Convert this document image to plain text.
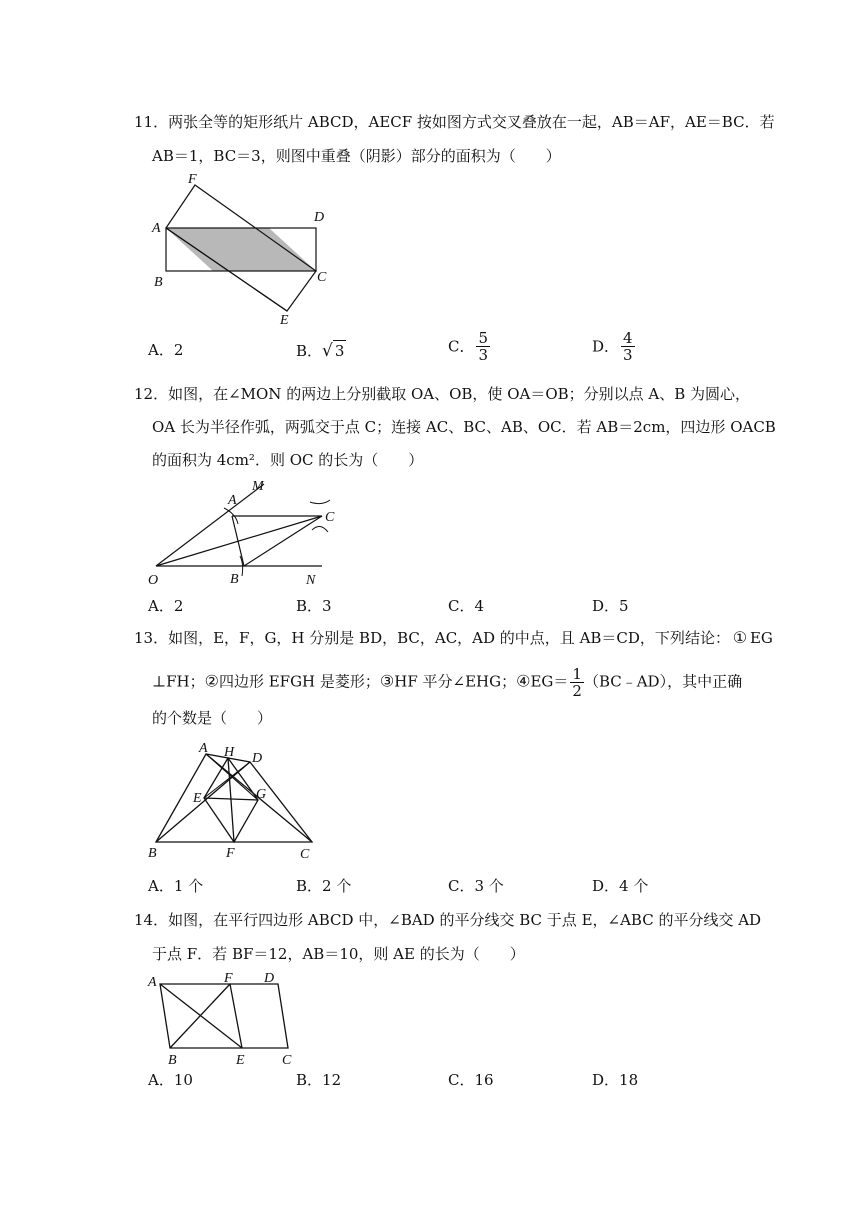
11．两张全等的矩形纸片 ABCD，AECF 按如图方式交叉叠放在一起，AB＝AF，AE＝BC．若
AB＝1，BC＝3，则图中重叠（阴影）部分的面积为（　　）
A
F
D
B	C
E
A．2	B．√ 3	C． $\frac{5}{3}$	D． $\frac{4}{3}$
12．如图，在∠MON 的两边上分别截取 OA、OB，使 OA＝OB；分别以点 A、B 为圆心，
OA 长为半径作弧，两弧交于点 C；连接 AC、BC、AB、OC．若 AB＝2cm，四边形 OACB
的面积为 4cm²．则 OC 的长为（　　）
A
M
C
O	B	N
A．2	B．3	C．4	D．5
13．如图，E，F，G，H 分别是 BD，BC，AC，AD 的中点，且 AB＝CD，下列结论： ① EG
⊥FH；②四边形 EFGH 是菱形；③HF 平分∠EHG；④EG＝ $\frac{1}{2}$ （BC﹣AD），其中正确
的个数是（　　）
A H D
E	G
B	F	C
A．1 个	B．2 个	C．3 个	D．4 个
14．如图，在平行四边形 ABCD 中，∠BAD 的平分线交 BC 于点 E，∠ABC 的平分线交 AD
于点 F．若 BF＝12，AB＝10，则 AE 的长为（　　）
A	F D
B	E	C
A．10	B．12	C．16	D．18
